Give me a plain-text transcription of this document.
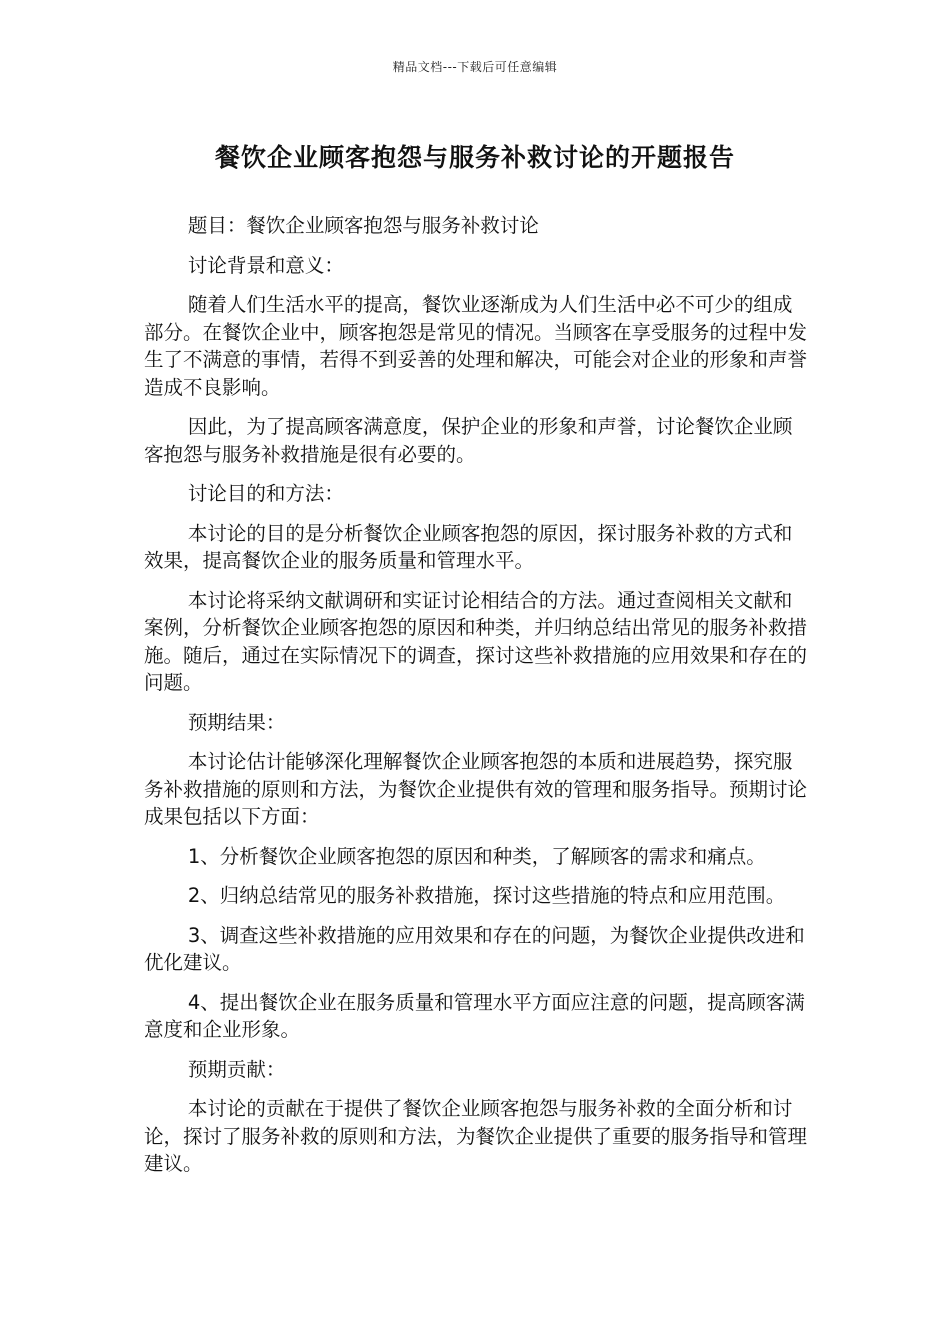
精品文档---下载后可任意编辑
餐饮企业顾客抱怨与服务补救讨论的开题报告

题目：餐饮企业顾客抱怨与服务补救讨论

讨论背景和意义：

随着人们生活水平的提高，餐饮业逐渐成为人们生活中必不可少的组成部分。在餐饮企业中，顾客抱怨是常见的情况。当顾客在享受服务的过程中发生了不满意的事情，若得不到妥善的处理和解决，可能会对企业的形象和声誉造成不良影响。

因此，为了提高顾客满意度，保护企业的形象和声誉，讨论餐饮企业顾客抱怨与服务补救措施是很有必要的。

讨论目的和方法：

本讨论的目的是分析餐饮企业顾客抱怨的原因，探讨服务补救的方式和效果，提高餐饮企业的服务质量和管理水平。

本讨论将采纳文献调研和实证讨论相结合的方法。通过查阅相关文献和案例，分析餐饮企业顾客抱怨的原因和种类，并归纳总结出常见的服务补救措施。随后，通过在实际情况下的调查，探讨这些补救措施的应用效果和存在的问题。

预期结果：

本讨论估计能够深化理解餐饮企业顾客抱怨的本质和进展趋势，探究服务补救措施的原则和方法，为餐饮企业提供有效的管理和服务指导。预期讨论成果包括以下方面：

1、分析餐饮企业顾客抱怨的原因和种类，了解顾客的需求和痛点。

2、归纳总结常见的服务补救措施，探讨这些措施的特点和应用范围。

3、调查这些补救措施的应用效果和存在的问题，为餐饮企业提供改进和优化建议。

4、提出餐饮企业在服务质量和管理水平方面应注意的问题，提高顾客满意度和企业形象。

预期贡献：

本讨论的贡献在于提供了餐饮企业顾客抱怨与服务补救的全面分析和讨论，探讨了服务补救的原则和方法，为餐饮企业提供了重要的服务指导和管理建议。
